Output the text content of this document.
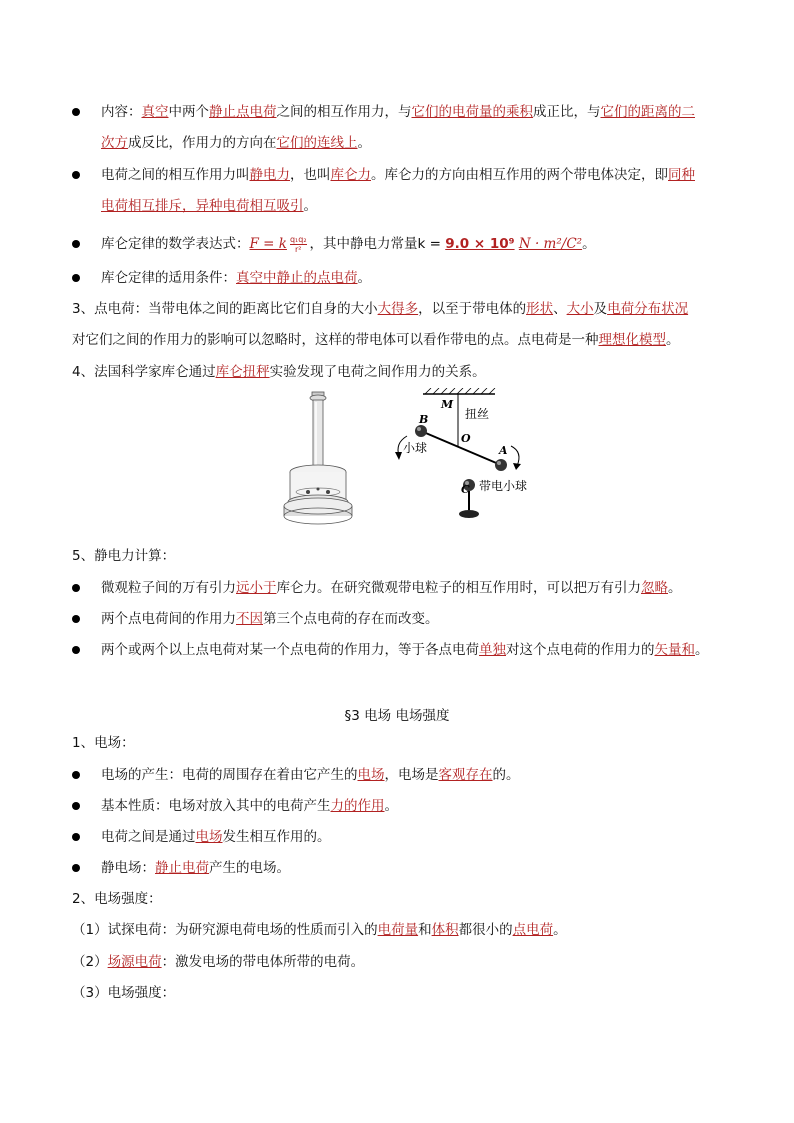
内容：真空中两个静止点电荷之间的相互作用力，与它们的电荷量的乘积成正比，与它们的距离的二
次方成反比，作用力的方向在它们的连线上。
电荷之间的相互作用力叫静电力，也叫库仑力。库仑力的方向由相互作用的两个带电体决定，即同种
电荷相互排斥，异种电荷相互吸引。
库仑定律的数学表达式：F = k $\frac{\text{q₁q₂}}{\text{r²}}$ ，其中静电力常量k = 9.0 × 10⁹ N · m²/C²。
库仑定律的适用条件：真空中静止的点电荷。
3、点电荷：当带电体之间的距离比它们自身的大小大得多，以至于带电体的形状、大小及电荷分布状况
对它们之间的作用力的影响可以忽略时，这样的带电体可以看作带电的点。点电荷是一种理想化模型。
4、法国科学家库仑通过库仑扭秤实验发现了电荷之间作用力的关系。
M
扭丝
B
O
A
小球
C 带电小球
5、静电力计算：
微观粒子间的万有引力远小于库仑力。在研究微观带电粒子的相互作用时，可以把万有引力忽略。
两个点电荷间的作用力不因第三个点电荷的存在而改变。
两个或两个以上点电荷对某一个点电荷的作用力，等于各点电荷单独对这个点电荷的作用力的矢量和。
§3 电场 电场强度
1、电场：
电场的产生：电荷的周围存在着由它产生的电场，电场是客观存在的。
基本性质：电场对放入其中的电荷产生力的作用。
电荷之间是通过电场发生相互作用的。
静电场：静止电荷产生的电场。
2、电场强度：
（1）试探电荷：为研究源电荷电场的性质而引入的电荷量和体积都很小的点电荷。
（2）场源电荷：激发电场的带电体所带的电荷。
（3）电场强度：
